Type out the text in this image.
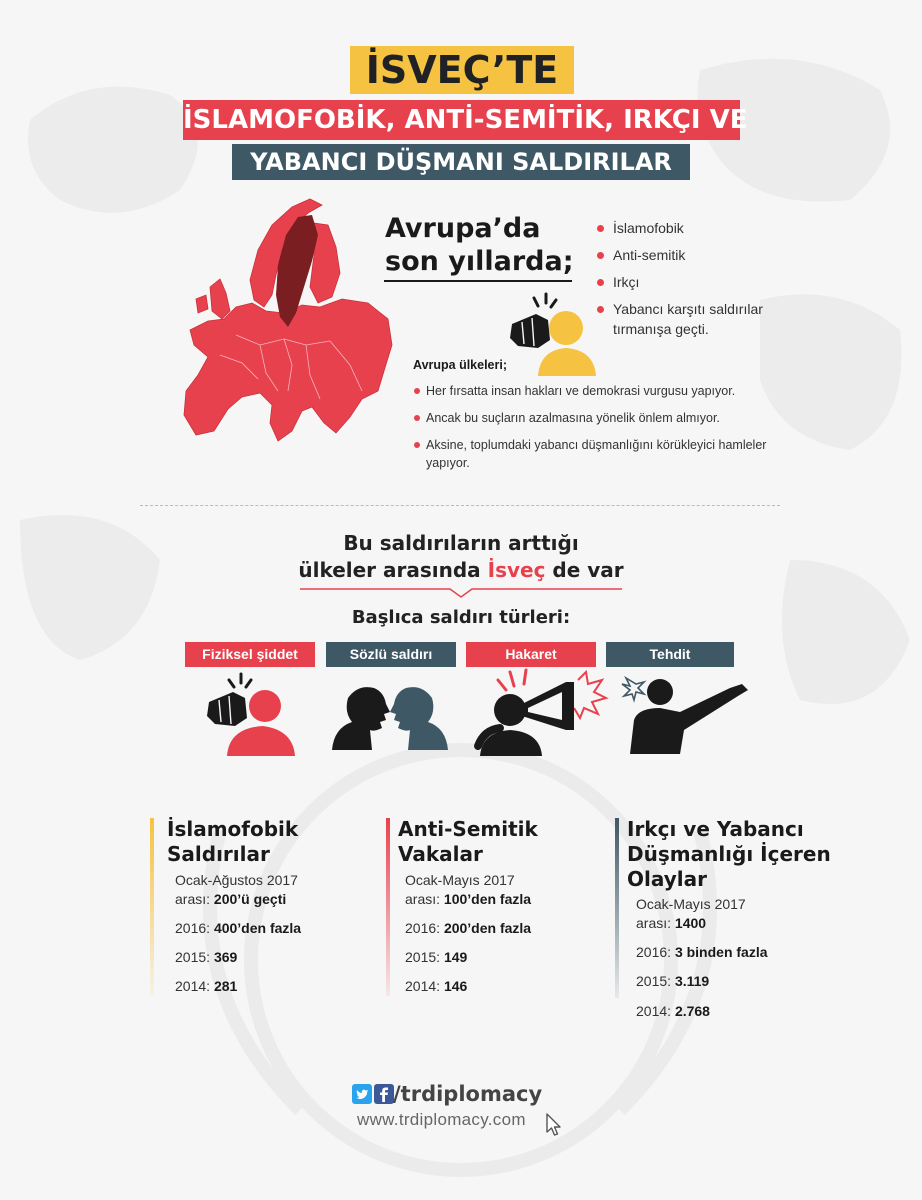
İSVEÇ’TE
İSLAMOFOBİK, ANTİ-SEMİTİK, IRKÇI VE
YABANCI DÜŞMANI SALDIRILAR
Avrupa’da
son yıllarda;
İslamofobik
Anti-semitik
Irkçı
Yabancı karşıtı saldırılar tırmanışa geçti.
Avrupa ülkeleri;
Her fırsatta insan hakları ve demokrasi vurgusu yapıyor.
Ancak bu suçların azalmasına yönelik önlem almıyor.
Aksine, toplumdaki yabancı düşmanlığını körükleyici hamleler yapıyor.
Bu saldırıların arttığı
ülkeler arasında İsveç de var
Başlıca saldırı türleri:
Fiziksel şiddet	Sözlü saldırı	Hakaret	Tehdit
İslamofobik
Saldırılar
Ocak-Ağustos 2017
arası: 200’ü geçti
2016: 400’den fazla
2015: 369
2014: 281
Anti-Semitik
Vakalar
Ocak-Mayıs 2017
arası: 100’den fazla
2016: 200’den fazla
2015: 149
2014: 146
Irkçı ve Yabancı
Düşmanlığı İçeren
Olaylar
Ocak-Mayıs 2017
arası: 1400
2016: 3 binden fazla
2015: 3.119
2014: 2.768
/trdiplomacy
www.trdiplomacy.com
